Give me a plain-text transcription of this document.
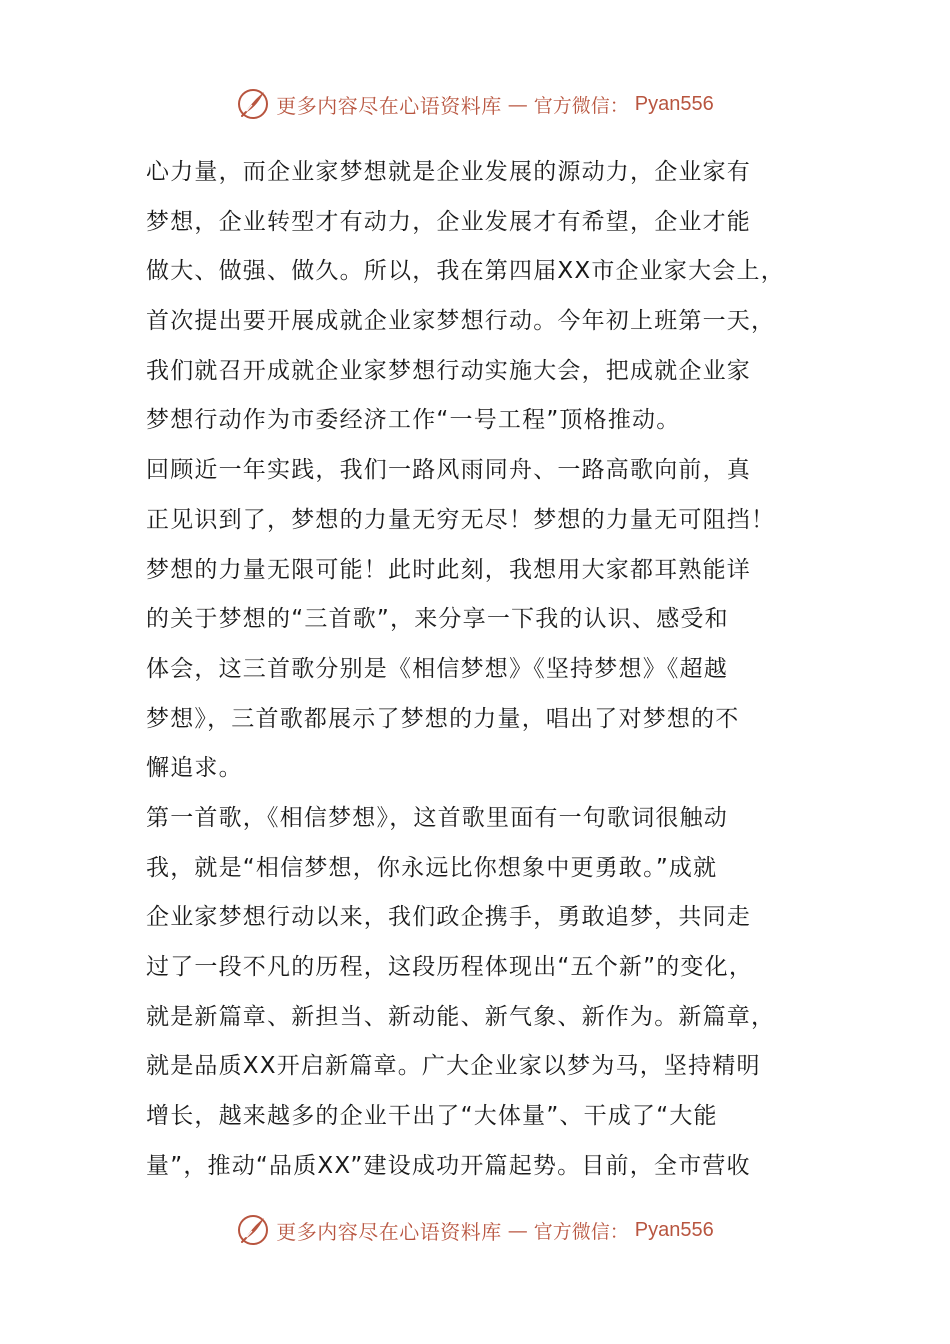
更多内容尽在心语资料库 — 官方微信： Pyan556
心力量，而企业家梦想就是企业发展的源动力，企业家有
梦想，企业转型才有动力，企业发展才有希望，企业才能
做大、做强、做久。所以，我在第四届XX市企业家大会上，
首次提出要开展成就企业家梦想行动。今年初上班第一天，
我们就召开成就企业家梦想行动实施大会，把成就企业家
梦想行动作为市委经济工作“一号工程”顶格推动。
回顾近一年实践，我们一路风雨同舟、一路高歌向前，真
正见识到了，梦想的力量无穷无尽！梦想的力量无可阻挡！
梦想的力量无限可能！此时此刻，我想用大家都耳熟能详
的关于梦想的“三首歌”，来分享一下我的认识、感受和
体会，这三首歌分别是《相信梦想》《坚持梦想》《超越
梦想》，三首歌都展示了梦想的力量，唱出了对梦想的不
懈追求。
第一首歌，《相信梦想》，这首歌里面有一句歌词很触动
我，就是“相信梦想，你永远比你想象中更勇敢。”成就
企业家梦想行动以来，我们政企携手，勇敢追梦，共同走
过了一段不凡的历程，这段历程体现出“五个新”的变化，
就是新篇章、新担当、新动能、新气象、新作为。新篇章，
就是品质XX开启新篇章。广大企业家以梦为马，坚持精明
增长，越来越多的企业干出了“大体量”、干成了“大能
量”，推动“品质XX”建设成功开篇起势。目前，全市营收
更多内容尽在心语资料库 — 官方微信： Pyan556
